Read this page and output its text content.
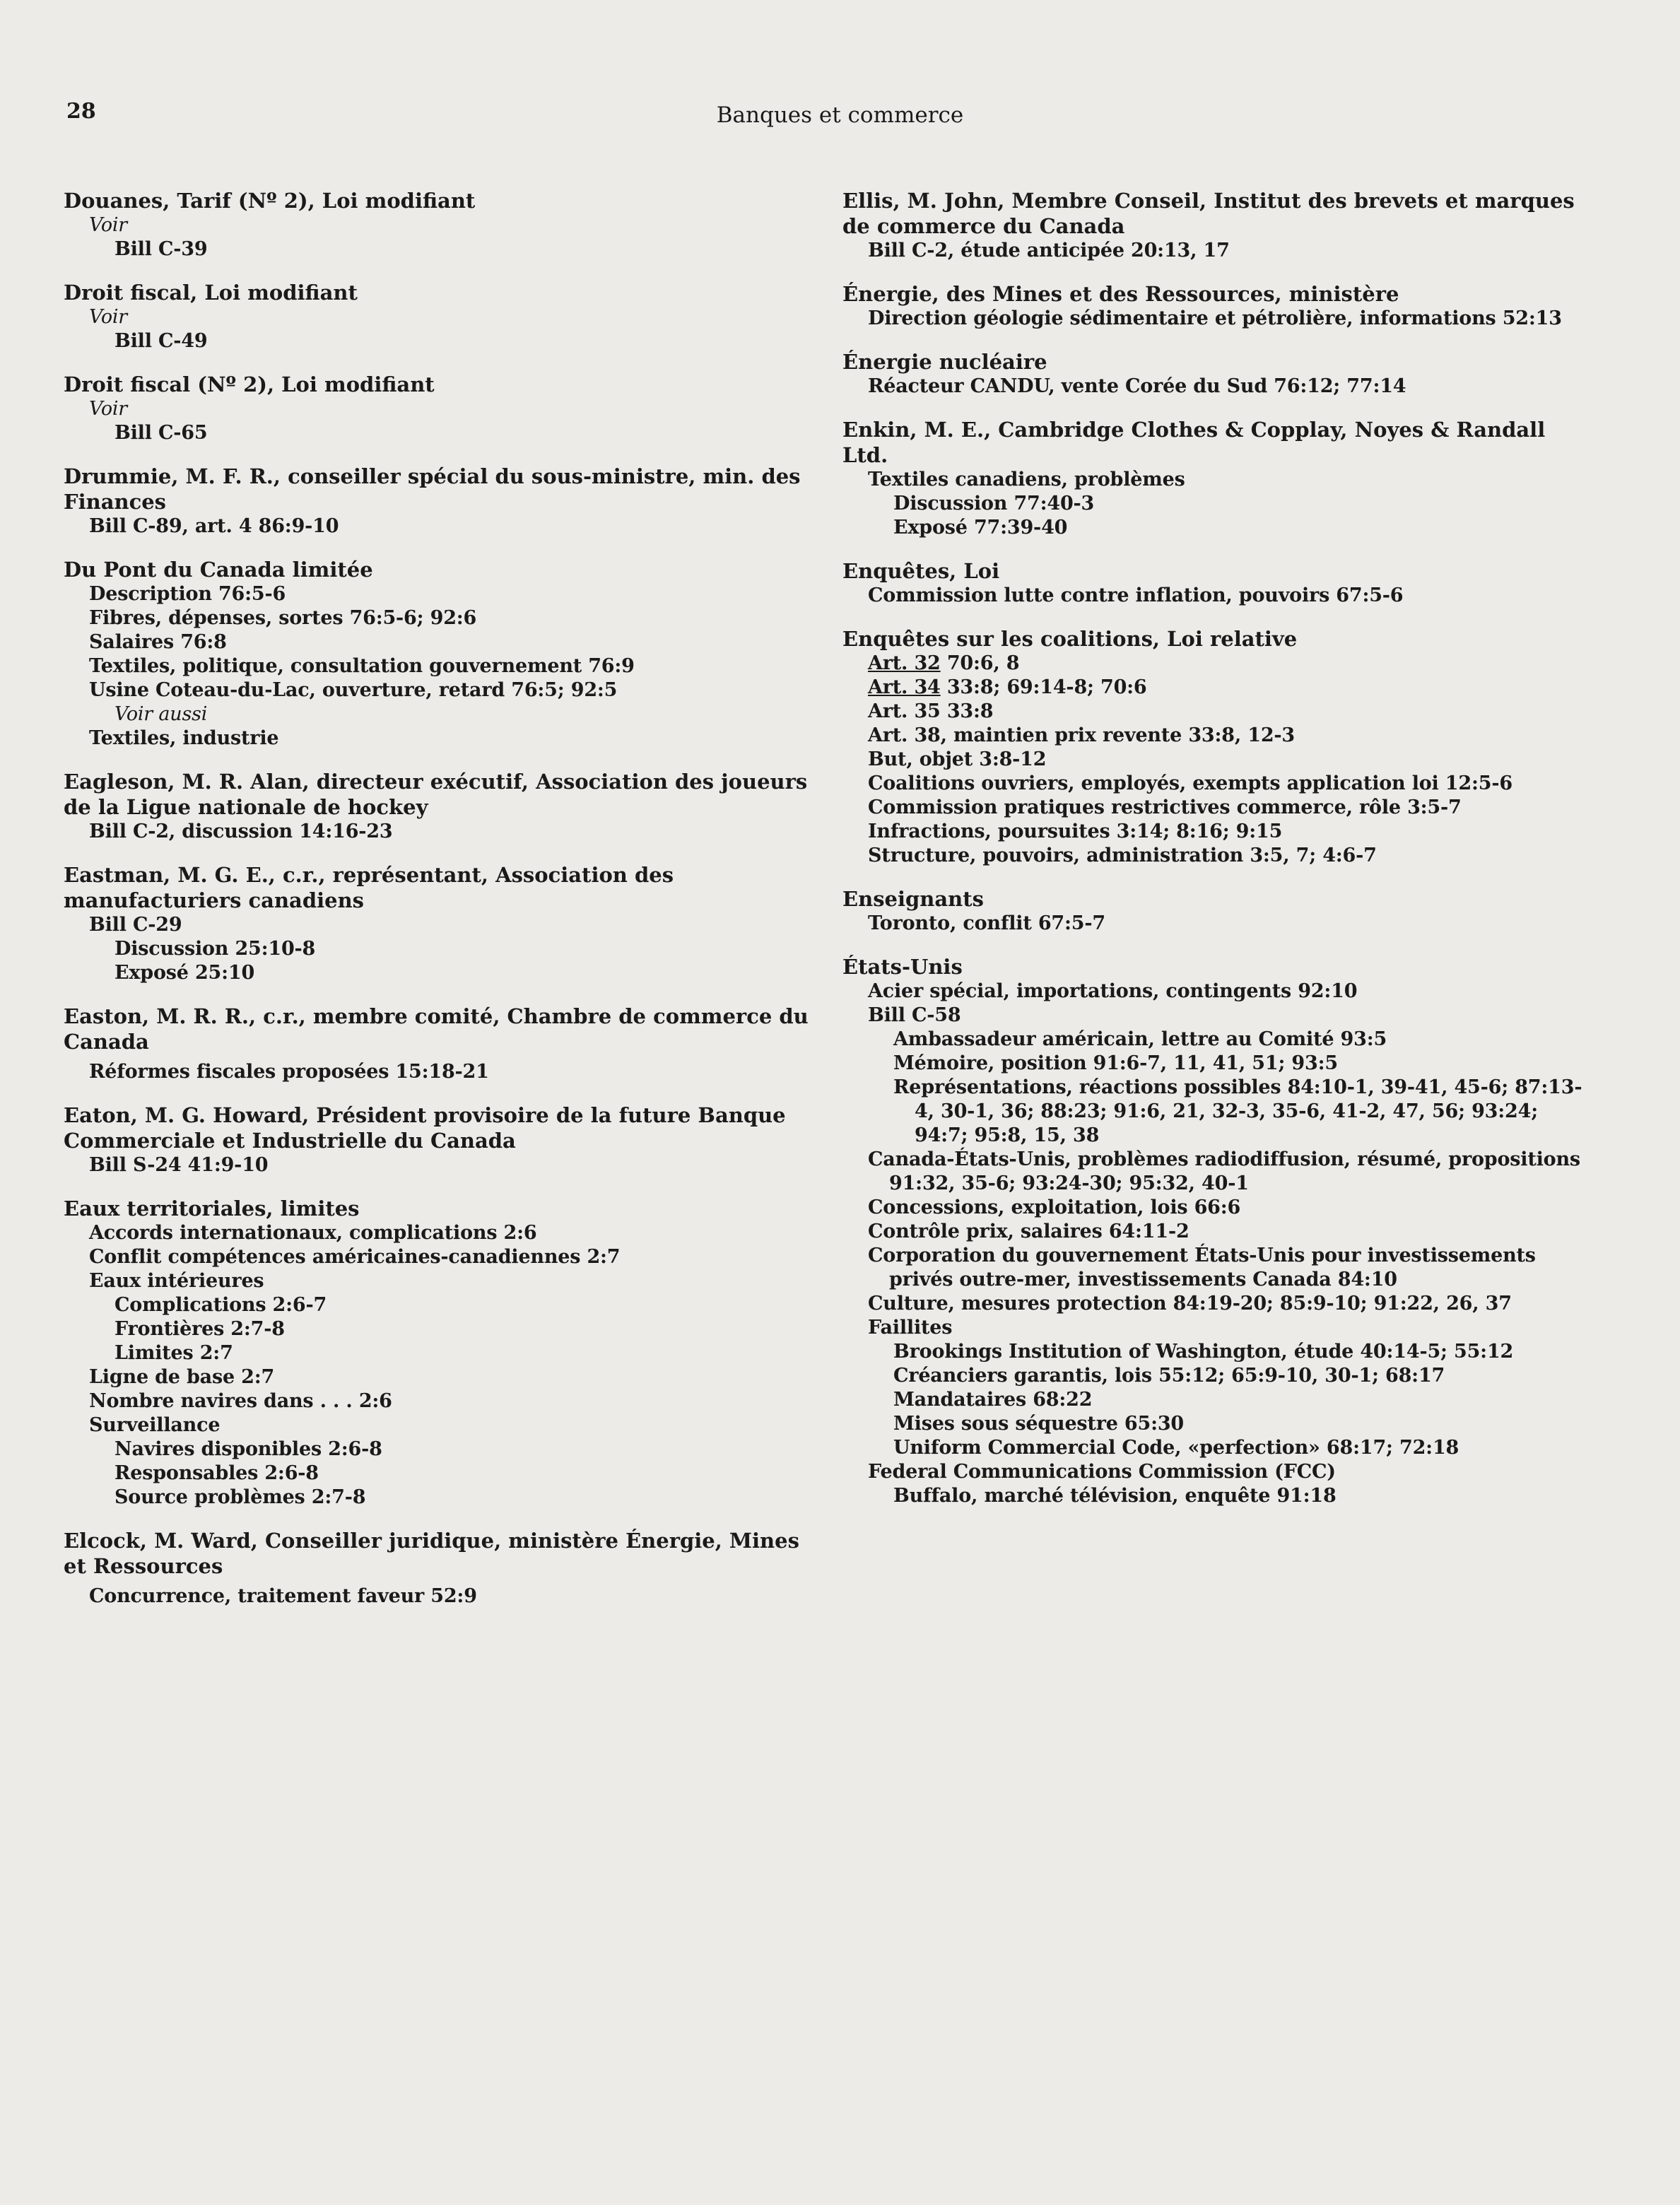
28	Banques et commerce
Douanes, Tarif (Nº 2), Loi modifiant
Voir
Bill C-39
Droit fiscal, Loi modifiant
Voir
Bill C-49
Droit fiscal (Nº 2), Loi modifiant
Voir
Bill C-65
Drummie, M. F. R., conseiller spécial du sous-ministre, min. des Finances
Bill C-89, art. 4 86:9-10
Du Pont du Canada limitée
Description 76:5-6
Fibres, dépenses, sortes 76:5-6; 92:6
Salaires 76:8
Textiles, politique, consultation gouvernement 76:9
Usine Coteau-du-Lac, ouverture, retard 76:5; 92:5
Voir aussi
Textiles, industrie
Eagleson, M. R. Alan, directeur exécutif, Association des joueurs de la Ligue nationale de hockey
Bill C-2, discussion 14:16-23
Eastman, M. G. E., c.r., représentant, Association des manufacturiers canadiens
Bill C-29
Discussion 25:10-8
Exposé 25:10
Easton, M. R. R., c.r., membre comité, Chambre de commerce du Canada
Réformes fiscales proposées 15:18-21
Eaton, M. G. Howard, Président provisoire de la future Banque Commerciale et Industrielle du Canada
Bill S-24 41:9-10
Eaux territoriales, limites
Accords internationaux, complications 2:6
Conflit compétences américaines-canadiennes 2:7
Eaux intérieures
Complications 2:6-7
Frontières 2:7-8
Limites 2:7
Ligne de base 2:7
Nombre navires dans . . . 2:6
Surveillance
Navires disponibles 2:6-8
Responsables 2:6-8
Source problèmes 2:7-8
Elcock, M. Ward, Conseiller juridique, ministère Énergie, Mines et Ressources
Concurrence, traitement faveur 52:9
Ellis, M. John, Membre Conseil, Institut des brevets et marques de commerce du Canada
Bill C-2, étude anticipée 20:13, 17
Énergie, des Mines et des Ressources, ministère
Direction géologie sédimentaire et pétrolière, informations 52:13
Énergie nucléaire
Réacteur CANDU, vente Corée du Sud 76:12; 77:14
Enkin, M. E., Cambridge Clothes & Copplay, Noyes & Randall Ltd.
Textiles canadiens, problèmes
Discussion 77:40-3
Exposé 77:39-40
Enquêtes, Loi
Commission lutte contre inflation, pouvoirs 67:5-6
Enquêtes sur les coalitions, Loi relative
Art. 32 70:6, 8
Art. 34 33:8; 69:14-8; 70:6
Art. 35 33:8
Art. 38, maintien prix revente 33:8, 12-3
But, objet 3:8-12
Coalitions ouvriers, employés, exempts application loi 12:5-6
Commission pratiques restrictives commerce, rôle 3:5-7
Infractions, poursuites 3:14; 8:16; 9:15
Structure, pouvoirs, administration 3:5, 7; 4:6-7
Enseignants
Toronto, conflit 67:5-7
États-Unis
Acier spécial, importations, contingents 92:10
Bill C-58
Ambassadeur américain, lettre au Comité 93:5
Mémoire, position 91:6-7, 11, 41, 51; 93:5
Représentations, réactions possibles 84:10-1, 39-41, 45-6; 87:13-4, 30-1, 36; 88:23; 91:6, 21, 32-3, 35-6, 41-2, 47, 56; 93:24; 94:7; 95:8, 15, 38
Canada-États-Unis, problèmes radiodiffusion, résumé, propositions 91:32, 35-6; 93:24-30; 95:32, 40-1
Concessions, exploitation, lois 66:6
Contrôle prix, salaires 64:11-2
Corporation du gouvernement États-Unis pour investissements privés outre-mer, investissements Canada 84:10
Culture, mesures protection 84:19-20; 85:9-10; 91:22, 26, 37
Faillites
Brookings Institution of Washington, étude 40:14-5; 55:12
Créanciers garantis, lois 55:12; 65:9-10, 30-1; 68:17
Mandataires 68:22
Mises sous séquestre 65:30
Uniform Commercial Code, «perfection» 68:17; 72:18
Federal Communications Commission (FCC)
Buffalo, marché télévision, enquête 91:18
